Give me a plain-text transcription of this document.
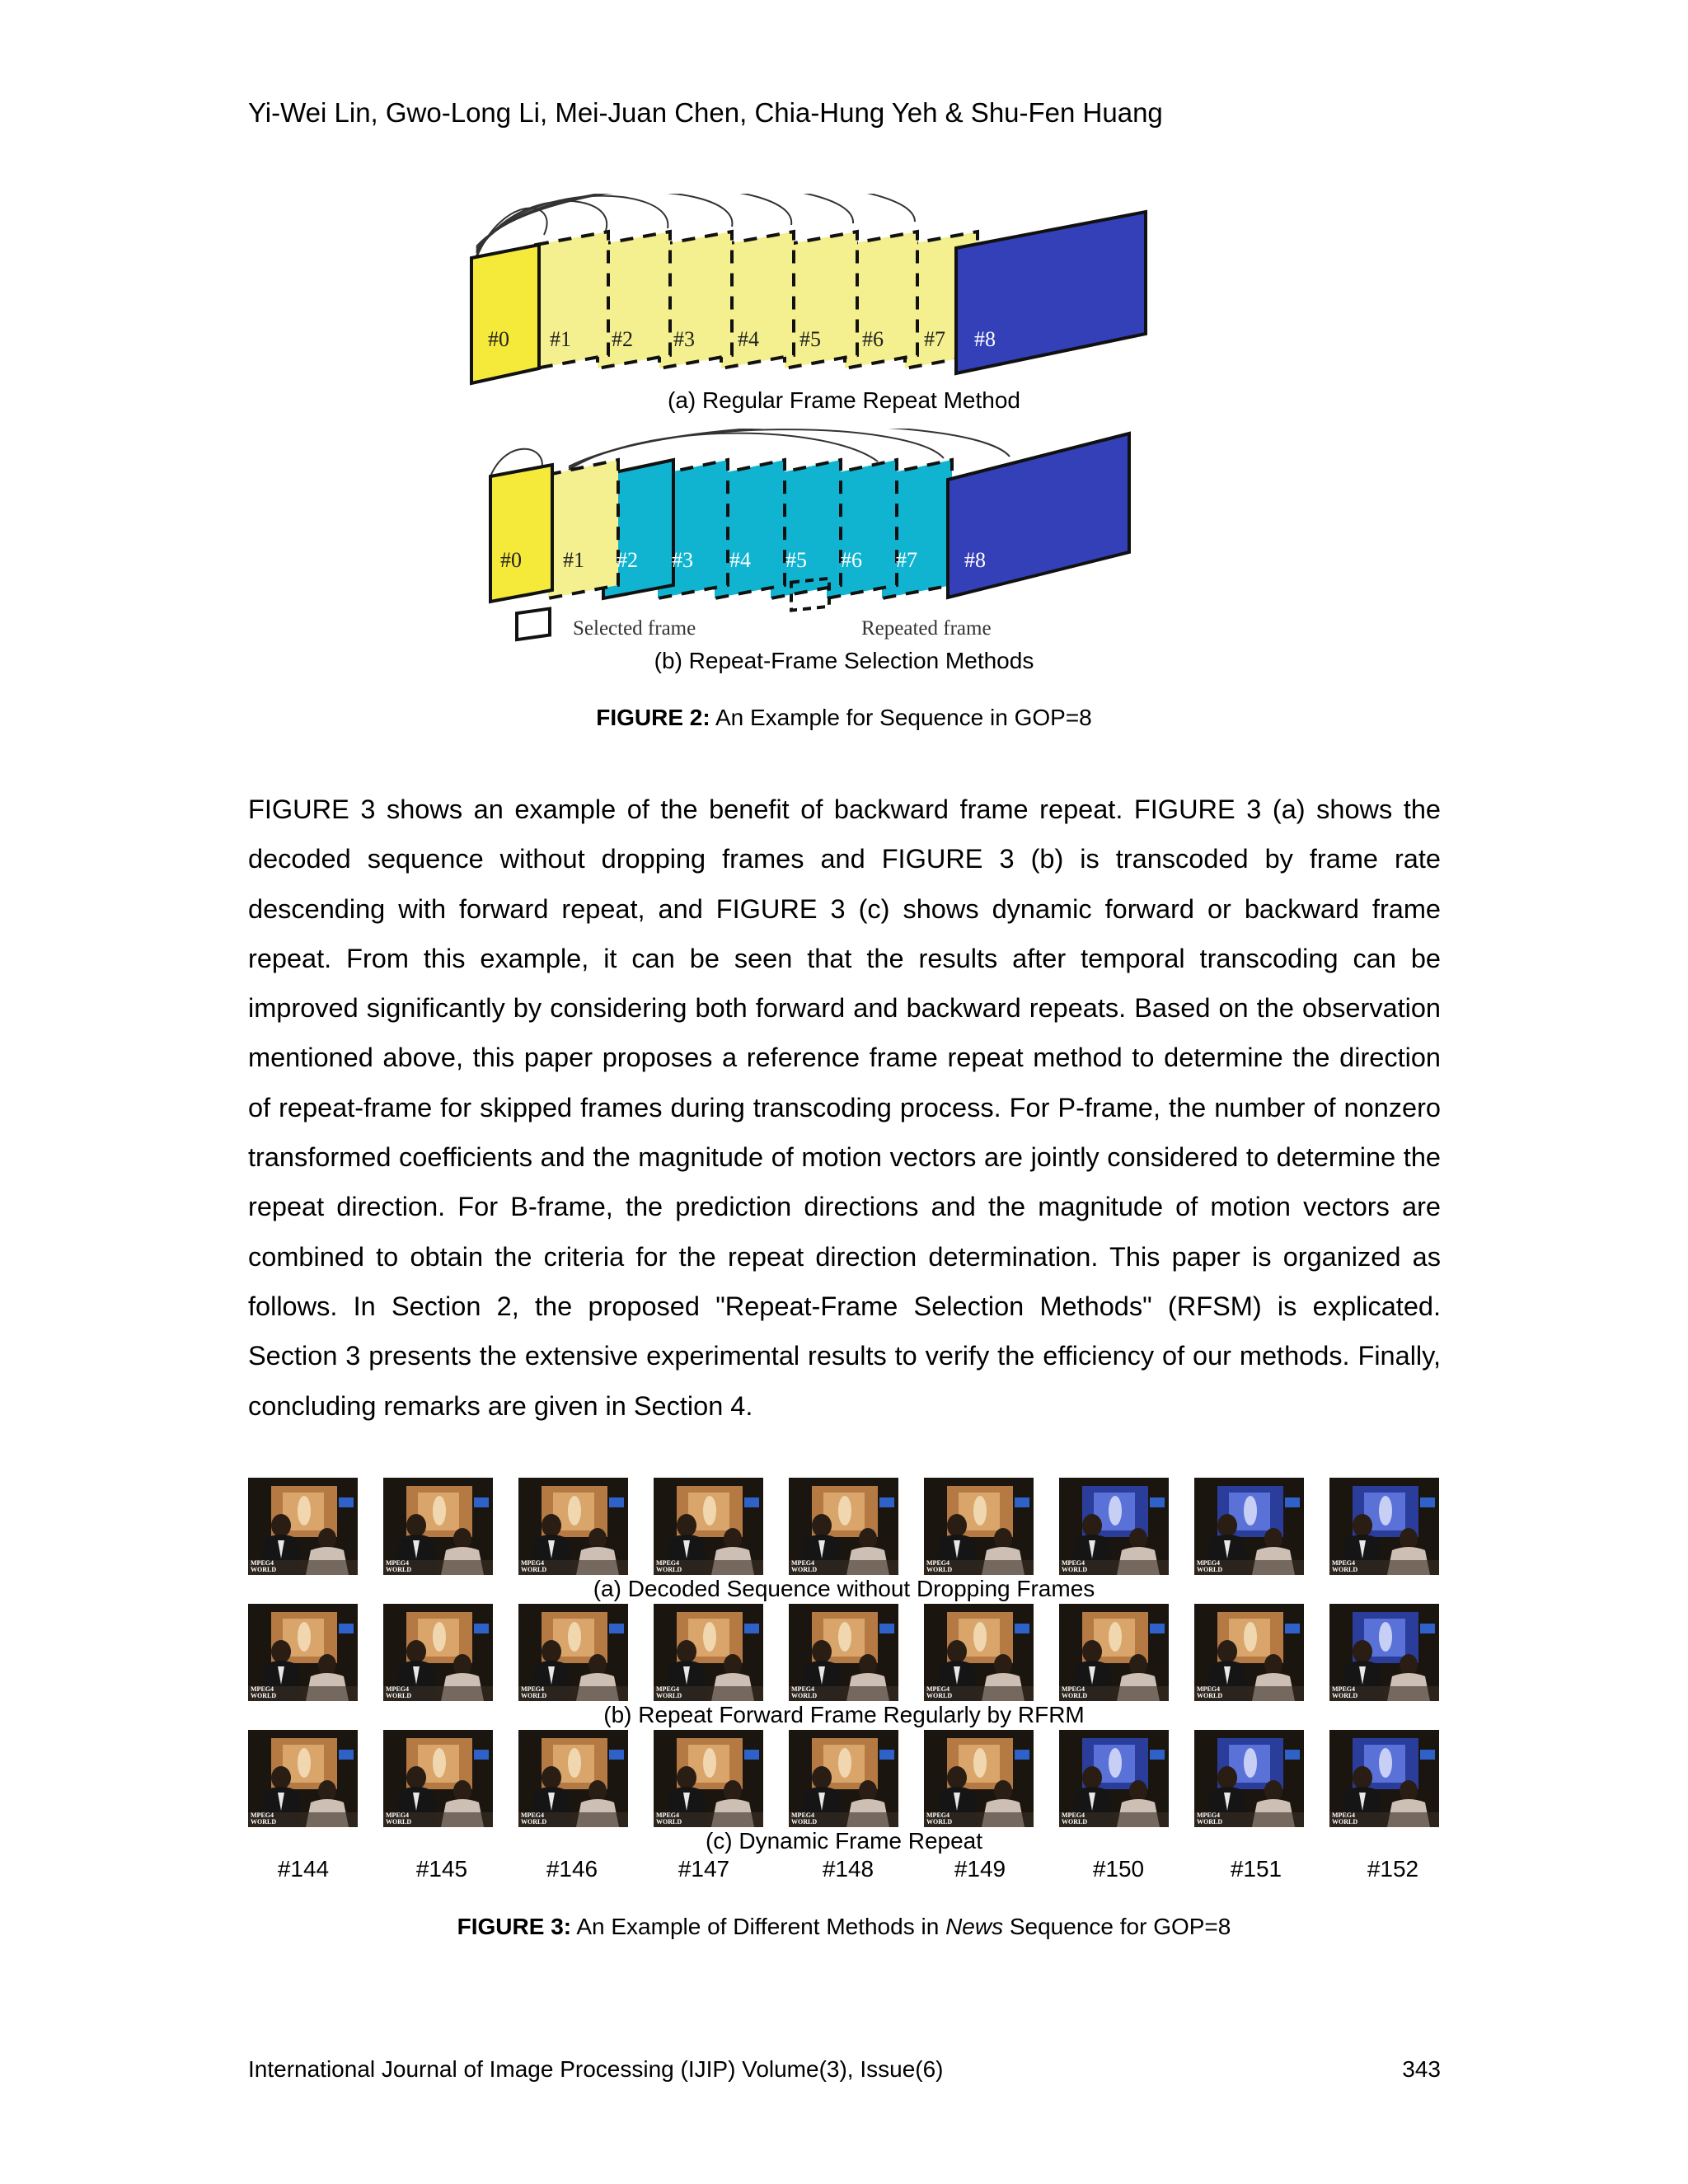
Yi-Wei Lin, Gwo-Long Li, Mei-Juan Chen, Chia-Hung Yeh & Shu-Fen Huang
#0 #1 #2 #3 #4 #5 #6 #7 #8
(a) Regular Frame Repeat Method
Selected frame	Repeated frame
#0 #1 #2 #3 #4 #5 #6 #7 #8
(b) Repeat-Frame Selection Methods
FIGURE 2: An Example for Sequence in GOP=8
FIGURE 3 shows an example of the benefit of backward frame repeat. FIGURE 3 (a) shows the decoded sequence without dropping frames and FIGURE 3 (b) is transcoded by frame rate descending with forward repeat, and FIGURE 3 (c) shows dynamic forward or backward frame repeat. From this example, it can be seen that the results after temporal transcoding can be improved significantly by considering both forward and backward repeats. Based on the observation mentioned above, this paper proposes a reference frame repeat method to determine the direction of repeat-frame for skipped frames during transcoding process. For P-frame, the number of nonzero transformed coefficients and the magnitude of motion vectors are jointly considered to determine the repeat direction. For B-frame, the prediction directions and the magnitude of motion vectors are combined to obtain the criteria for the repeat direction determination. This paper is organized as follows. In Section 2, the proposed "Repeat-Frame Selection Methods" (RFSM) is explicated. Section 3 presents the extensive experimental results to verify the efficiency of our methods. Finally, concluding remarks are given in Section 4.
MPEG4
WORLD
MPEG4
WORLD
MPEG4
WORLD
MPEG4
WORLD
MPEG4
WORLD
MPEG4
WORLD
MPEG4
WORLD
MPEG4
WORLD
MPEG4
WORLD
MPEG4
WORLD
MPEG4
WORLD
MPEG4
WORLD
MPEG4
WORLD
MPEG4
WORLD
MPEG4
WORLD
MPEG4
WORLD
MPEG4
WORLD
MPEG4
WORLD
MPEG4
WORLD
MPEG4
WORLD
MPEG4
WORLD
MPEG4
WORLD
MPEG4
WORLD
MPEG4
WORLD
MPEG4
WORLD
MPEG4
WORLD
MPEG4
WORLD
(a) Decoded Sequence without Dropping Frames
(b) Repeat Forward Frame Regularly by RFRM
(c) Dynamic Frame Repeat
#144	#145	#146	#147	#148	#149	#150	#151	#152
FIGURE 3: An Example of Different Methods in News Sequence for GOP=8
International Journal of Image Processing (IJIP) Volume(3), Issue(6)	343
